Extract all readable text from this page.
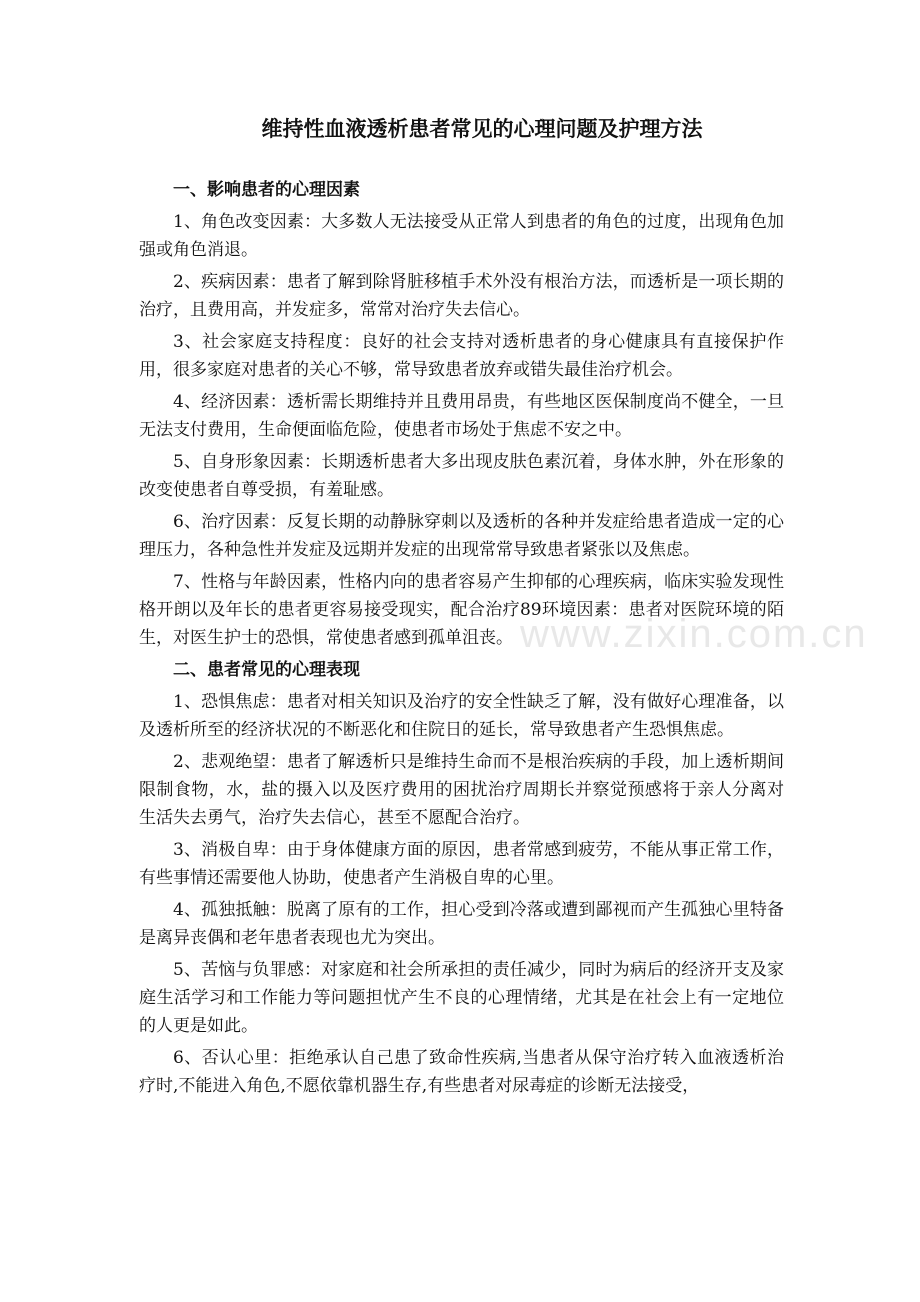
www.zixin.com.cn
维持性血液透析患者常见的心理问题及护理方法
一、影响患者的心理因素

1、角色改变因素：大多数人无法接受从正常人到患者的角色的过度，出现角色加强或角色消退。

2、疾病因素：患者了解到除肾脏移植手术外没有根治方法，而透析是一项长期的治疗，且费用高，并发症多，常常对治疗失去信心。

3、社会家庭支持程度：良好的社会支持对透析患者的身心健康具有直接保护作用，很多家庭对患者的关心不够，常导致患者放弃或错失最佳治疗机会。

4、经济因素：透析需长期维持并且费用昂贵，有些地区医保制度尚不健全，一旦无法支付费用，生命便面临危险，使患者市场处于焦虑不安之中。

5、自身形象因素：长期透析患者大多出现皮肤色素沉着，身体水肿，外在形象的改变使患者自尊受损，有羞耻感。

6、治疗因素：反复长期的动静脉穿刺以及透析的各种并发症给患者造成一定的心理压力，各种急性并发症及远期并发症的出现常常导致患者紧张以及焦虑。

7、性格与年龄因素，性格内向的患者容易产生抑郁的心理疾病，临床实验发现性格开朗以及年长的患者更容易接受现实，配合治疗89环境因素：患者对医院环境的陌生，对医生护士的恐惧，常使患者感到孤单沮丧。

二、患者常见的心理表现

1、恐惧焦虑：患者对相关知识及治疗的安全性缺乏了解，没有做好心理准备，以及透析所至的经济状况的不断恶化和住院日的延长，常导致患者产生恐惧焦虑。

2、悲观绝望：患者了解透析只是维持生命而不是根治疾病的手段，加上透析期间限制食物，水，盐的摄入以及医疗费用的困扰治疗周期长并察觉预感将于亲人分离对生活失去勇气，治疗失去信心，甚至不愿配合治疗。

3、消极自卑：由于身体健康方面的原因，患者常感到疲劳，不能从事正常工作，有些事情还需要他人协助，使患者产生消极自卑的心里。

4、孤独抵触：脱离了原有的工作，担心受到冷落或遭到鄙视而产生孤独心里特备是离异丧偶和老年患者表现也尤为突出。

5、苦恼与负罪感：对家庭和社会所承担的责任减少，同时为病后的经济开支及家庭生活学习和工作能力等问题担忧产生不良的心理情绪，尤其是在社会上有一定地位的人更是如此。

6、否认心里：拒绝承认自己患了致命性疾病,当患者从保守治疗转入血液透析治疗时,不能进入角色,不愿依靠机器生存,有些患者对尿毒症的诊断无法接受，
